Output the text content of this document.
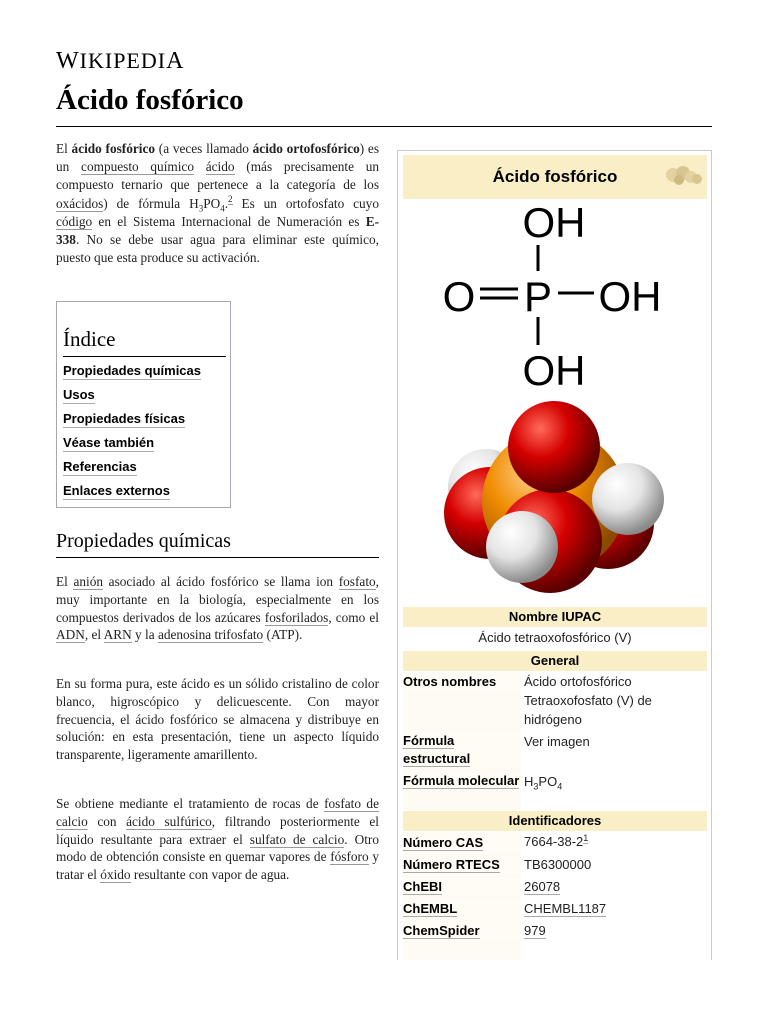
WIKIPEDIA
Ácido fosfórico

El ácido fosfórico (a veces llamado ácido ortofosfórico) es un compuesto químico ácido (más precisamente un compuesto ternario que pertenece a la categoría de los oxácidos) de fórmula $H_3PO_4.^2$ Es un ortofosfato cuyo código en el Sistema Internacional de Numeración es E-338. No se debe usar agua para eliminar este químico, puesto que esta produce su activación.

Índice
Propiedades químicas
Usos
Propiedades físicas
Véase también
Referencias
Enlaces externos
Propiedades químicas

El anión asociado al ácido fosfórico se llama ion fosfato, muy importante en la biología, especialmente en los compuestos derivados de los azúcares fosforilados, como el ADN, el ARN y la adenosina trifosfato (ATP).

En su forma pura, este ácido es un sólido cristalino de color blanco, higroscópico y delicuescente. Con mayor frecuencia, el ácido fosfórico se almacena y distribuye en solución: en esta presentación, tiene un aspecto líquido transparente, ligeramente amarillento.

Se obtiene mediante el tratamiento de rocas de fosfato de calcio con ácido sulfúrico, filtrando posteriormente el líquido resultante para extraer el sulfato de calcio. Otro modo de obtención consiste en quemar vapores de fósforo y tratar el óxido resultante con vapor de agua.

Ácido fosfórico
OH
P
O	OH
OH
Nombre IUPAC
Ácido tetraoxofosfórico (V)
General
Otros nombres	Ácido ortofosfórico
Tetraoxofosfato (V) de hidrógeno
Fórmula estructural
Ver imagen
Fórmula molecular $H_3PO_4$
Identificadores
Número CAS	$7664-38-2^1$
Número RTECS	TB6300000
ChEBI	26078
ChEMBL	CHEMBL1187
ChemSpider	979
